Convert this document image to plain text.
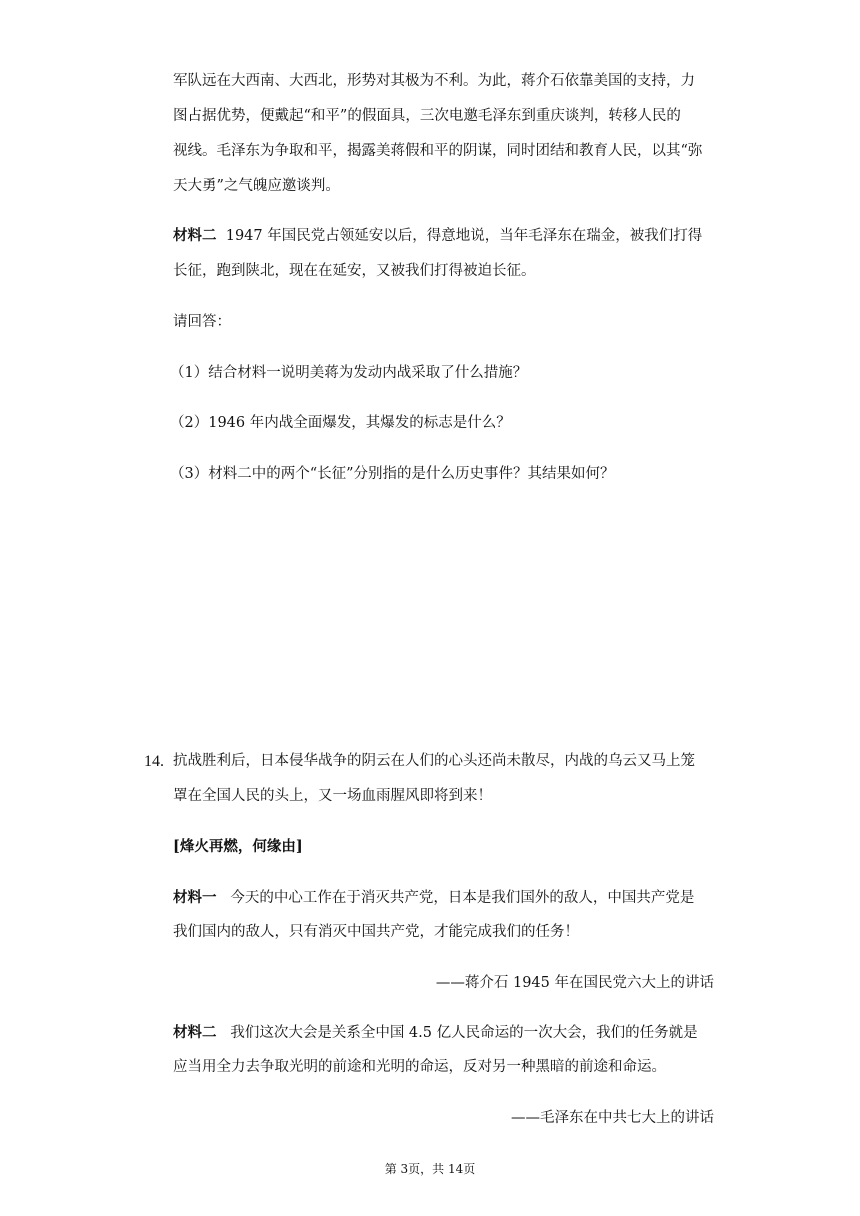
军队远在大西南、大西北，形势对其极为不利。为此，蒋介石依靠美国的支持，力
图占据优势，便戴起“和平”的假面具，三次电邀毛泽东到重庆谈判，转移人民的
视线。毛泽东为争取和平，揭露美蒋假和平的阴谋，同时团结和教育人民，以其“弥
天大勇”之气魄应邀谈判。
材料二 1947 年国民党占领延安以后，得意地说，当年毛泽东在瑞金，被我们打得
长征，跑到陕北，现在在延安，又被我们打得被迫长征。
请回答：
（1）结合材料一说明美蒋为发动内战采取了什么措施？
（2）1946 年内战全面爆发，其爆发的标志是什么？
（3）材料二中的两个“长征”分别指的是什么历史事件？其结果如何？
14. 抗战胜利后，日本侵华战争的阴云在人们的心头还尚未散尽，内战的乌云又马上笼
罩在全国人民的头上，又一场血雨腥风即将到来！
[烽火再燃，何缘由]
材料一 今天的中心工作在于消灭共产党，日本是我们国外的敌人，中国共产党是
我们国内的敌人，只有消灭中国共产党，才能完成我们的任务！
——蒋介石 1945 年在国民党六大上的讲话
材料二 我们这次大会是关系全中国 4.5 亿人民命运的一次大会，我们的任务就是
应当用全力去争取光明的前途和光明的命运，反对另一种黑暗的前途和命运。
——毛泽东在中共七大上的讲话
第 3页，共 14页
